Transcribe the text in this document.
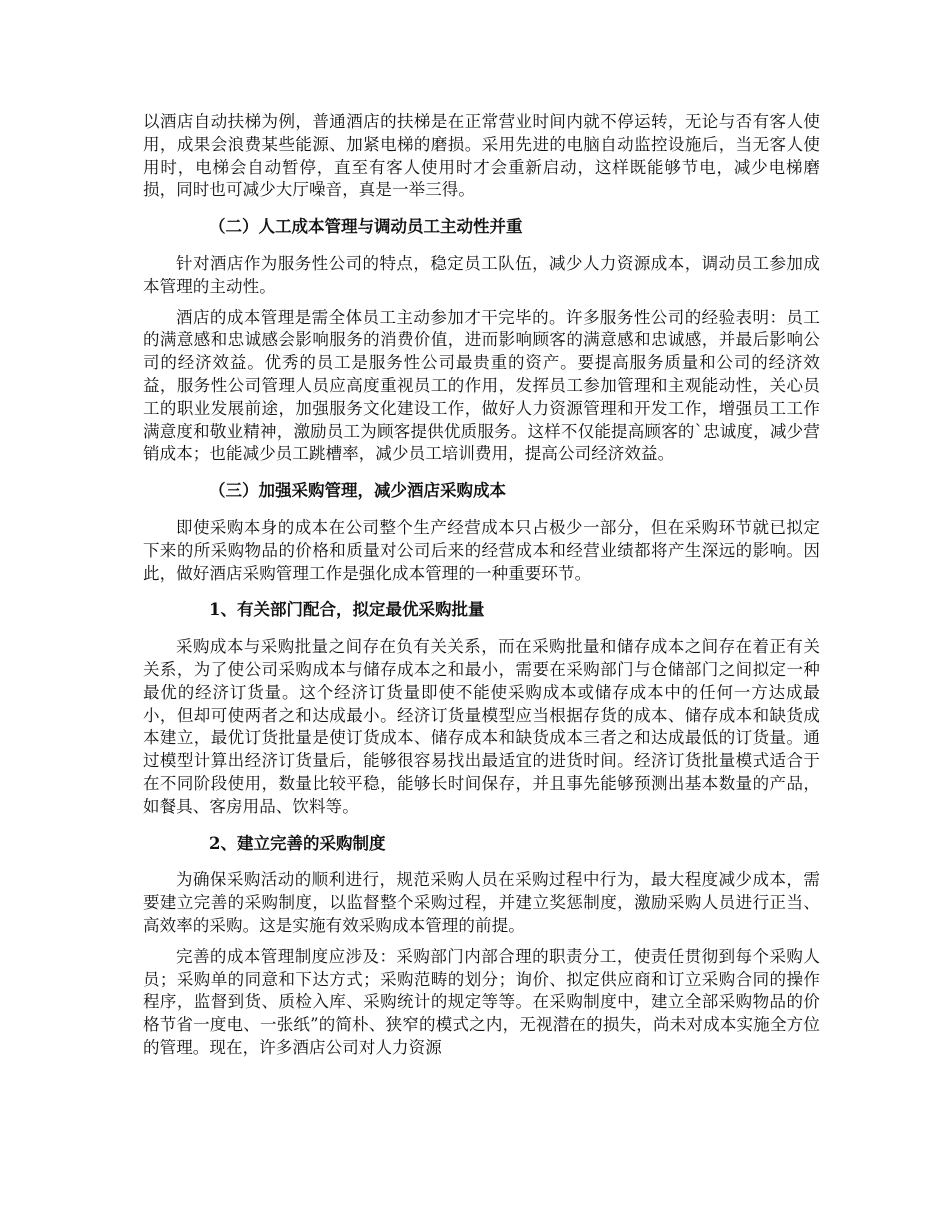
以酒店自动扶梯为例，普通酒店的扶梯是在正常营业时间内就不停运转，无论与否有客人使用，成果会浪费某些能源、加紧电梯的磨损。采用先进的电脑自动监控设施后，当无客人使用时，电梯会自动暂停，直至有客人使用时才会重新启动，这样既能够节电，减少电梯磨损，同时也可减少大厅噪音，真是一举三得。

（二）人工成本管理与调动员工主动性并重

针对酒店作为服务性公司的特点，稳定员工队伍，减少人力资源成本，调动员工参加成本管理的主动性。

酒店的成本管理是需全体员工主动参加才干完毕的。许多服务性公司的经验表明：员工的满意感和忠诚感会影响服务的消费价值，进而影响顾客的满意感和忠诚感，并最后影响公司的经济效益。优秀的员工是服务性公司最贵重的资产。要提高服务质量和公司的经济效益，服务性公司管理人员应高度重视员工的作用，发挥员工参加管理和主观能动性，关心员工的职业发展前途，加强服务文化建设工作，做好人力资源管理和开发工作，增强员工工作满意度和敬业精神，激励员工为顾客提供优质服务。这样不仅能提高顾客的`忠诚度，减少营销成本；也能减少员工跳槽率，减少员工培训费用，提高公司经济效益。

（三）加强采购管理，减少酒店采购成本

即使采购本身的成本在公司整个生产经营成本只占极少一部分，但在采购环节就已拟定下来的所采购物品的价格和质量对公司后来的经营成本和经营业绩都将产生深远的影响。因此，做好酒店采购管理工作是强化成本管理的一种重要环节。

1、有关部门配合，拟定最优采购批量

采购成本与采购批量之间存在负有关关系，而在采购批量和储存成本之间存在着正有关关系，为了使公司采购成本与储存成本之和最小，需要在采购部门与仓储部门之间拟定一种最优的经济订货量。这个经济订货量即使不能使采购成本或储存成本中的任何一方达成最小，但却可使两者之和达成最小。经济订货量模型应当根据存货的成本、储存成本和缺货成本建立，最优订货批量是使订货成本、储存成本和缺货成本三者之和达成最低的订货量。通过模型计算出经济订货量后，能够很容易找出最适宜的进货时间。经济订货批量模式适合于在不同阶段使用，数量比较平稳，能够长时间保存，并且事先能够预测出基本数量的产品，如餐具、客房用品、饮料等。

2、建立完善的采购制度

为确保采购活动的顺利进行，规范采购人员在采购过程中行为，最大程度减少成本，需要建立完善的采购制度，以监督整个采购过程，并建立奖惩制度，激励采购人员进行正当、高效率的采购。这是实施有效采购成本管理的前提。

完善的成本管理制度应涉及：采购部门内部合理的职责分工，使责任贯彻到每个采购人员；采购单的同意和下达方式；采购范畴的划分；询价、拟定供应商和订立采购合同的操作程序，监督到货、质检入库、采购统计的规定等等。在采购制度中，建立全部采购物品的价格节省一度电、一张纸”的简朴、狭窄的模式之内，无视潜在的损失，尚未对成本实施全方位的管理。现在，许多酒店公司对人力资源
